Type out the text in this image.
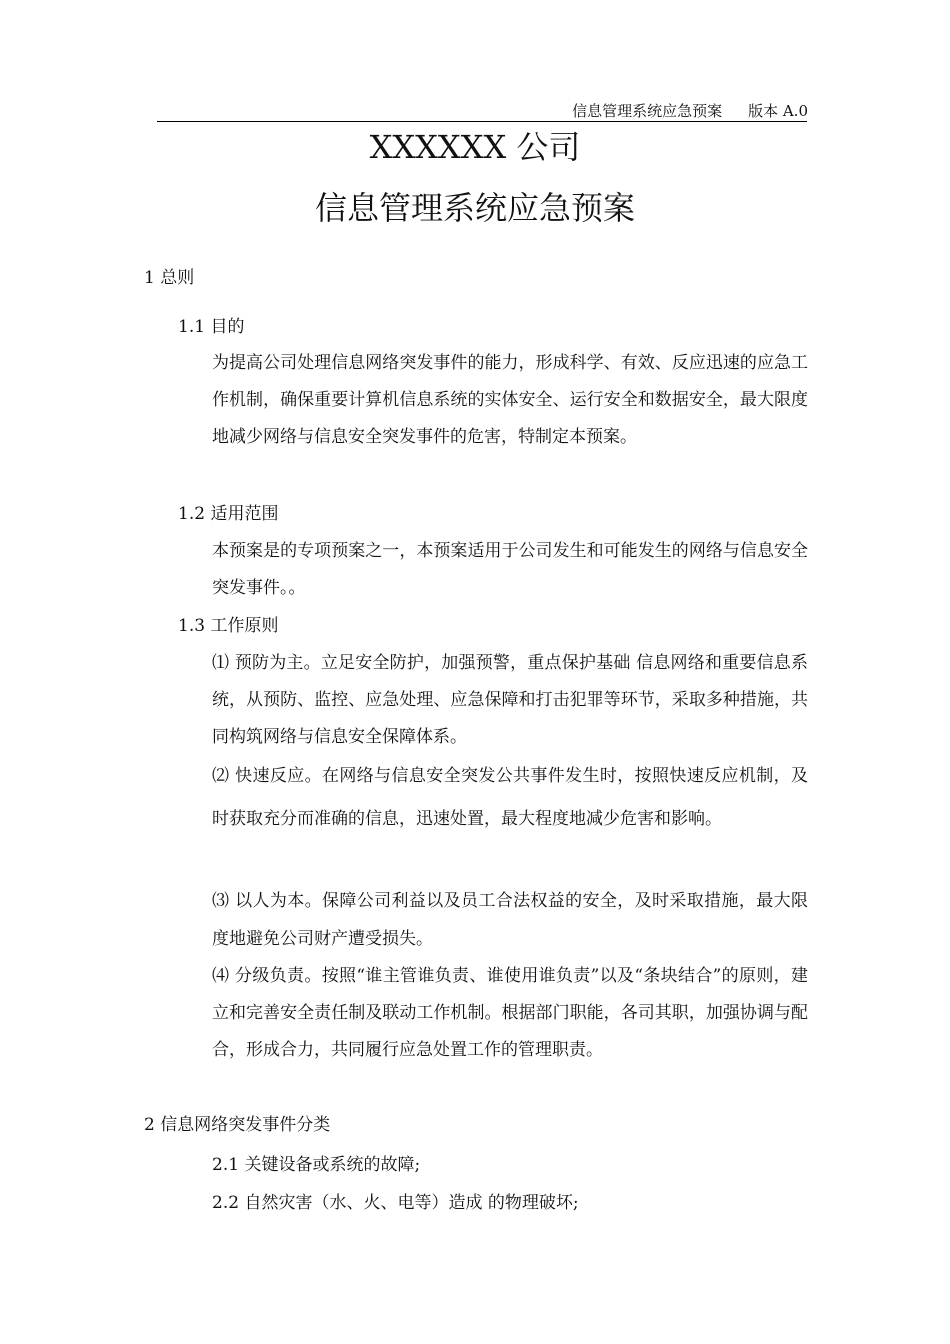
信息管理系统应急预案 版本 A.0
XXXXXX 公司
信息管理系统应急预案
1 总则
1.1 目的
为提高公司处理信息网络突发事件的能力，形成科学、有效、反应迅速的应急工作机制，确保重要计算机信息系统的实体安全、运行安全和数据安全，最大限度地减少网络与信息安全突发事件的危害，特制定本预案。
1.2 适用范围
本预案是的专项预案之一，本预案适用于公司发生和可能发生的网络与信息安全突发事件。。
1.3 工作原则
⑴ 预防为主。立足安全防护，加强预警，重点保护基础 信息网络和重要信息系统，从预防、监控、应急处理、应急保障和打击犯罪等环节，采取多种措施，共同构筑网络与信息安全保障体系。
⑵ 快速反应。在网络与信息安全突发公共事件发生时，按照快速反应机制，及时获取充分而准确的信息，迅速处置，最大程度地减少危害和影响。
⑶ 以人为本。保障公司利益以及员工合法权益的安全，及时采取措施，最大限度地避免公司财产遭受损失。
⑷ 分级负责。按照“谁主管谁负责、谁使用谁负责”以及“条块结合”的原则，建立和完善安全责任制及联动工作机制。根据部门职能，各司其职，加强协调与配合，形成合力，共同履行应急处置工作的管理职责。
2 信息网络突发事件分类
2.1 关键设备或系统的故障;
2.2 自然灾害（水、火、电等）造成 的物理破坏;
